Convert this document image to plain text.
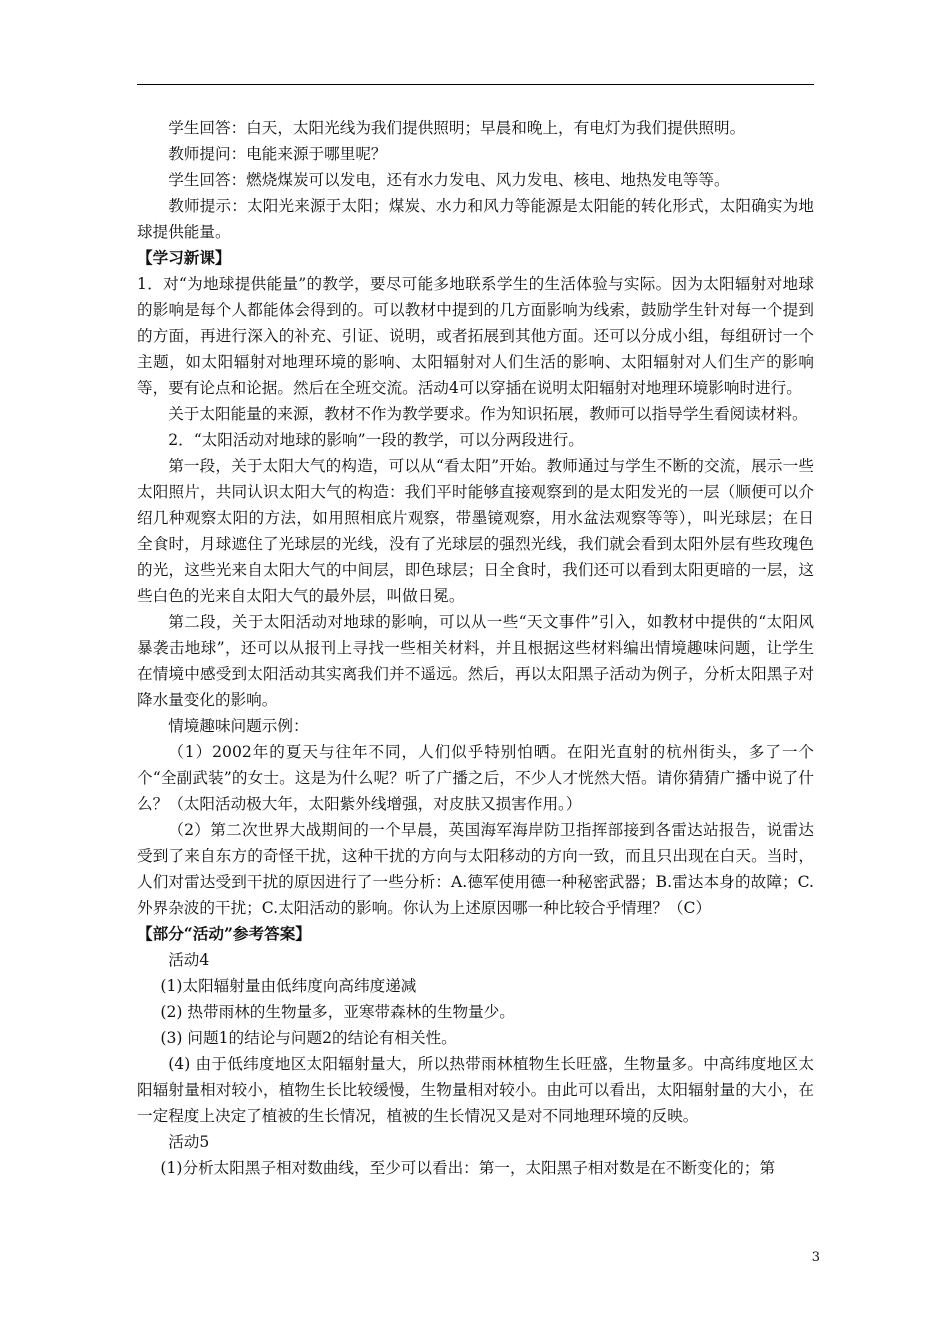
学生回答：白天，太阳光线为我们提供照明；早晨和晚上，有电灯为我们提供照明。

教师提问：电能来源于哪里呢？

学生回答：燃烧煤炭可以发电，还有水力发电、风力发电、核电、地热发电等等。

教师提示：太阳光来源于太阳；煤炭、水力和风力等能源是太阳能的转化形式，太阳确实为地球提供能量。

【学习新课】

1．对“为地球提供能量”的教学，要尽可能多地联系学生的生活体验与实际。因为太阳辐射对地球的影响是每个人都能体会得到的。可以教材中提到的几方面影响为线索，鼓励学生针对每一个提到的方面，再进行深入的补充、引证、说明，或者拓展到其他方面。还可以分成小组，每组研讨一个主题，如太阳辐射对地理环境的影响、太阳辐射对人们生活的影响、太阳辐射对人们生产的影响等，要有论点和论据。然后在全班交流。活动4可以穿插在说明太阳辐射对地理环境影响时进行。

关于太阳能量的来源，教材不作为教学要求。作为知识拓展，教师可以指导学生看阅读材料。

2．“太阳活动对地球的影响”一段的教学，可以分两段进行。

第一段，关于太阳大气的构造，可以从“看太阳”开始。教师通过与学生不断的交流，展示一些太阳照片，共同认识太阳大气的构造：我们平时能够直接观察到的是太阳发光的一层（顺便可以介绍几种观察太阳的方法，如用照相底片观察，带墨镜观察，用水盆法观察等等），叫光球层；在日全食时，月球遮住了光球层的光线，没有了光球层的强烈光线，我们就会看到太阳外层有些玫瑰色的光，这些光来自太阳大气的中间层，即色球层；日全食时，我们还可以看到太阳更暗的一层，这些白色的光来自太阳大气的最外层，叫做日冕。

第二段，关于太阳活动对地球的影响，可以从一些“天文事件”引入，如教材中提供的“太阳风暴袭击地球”，还可以从报刊上寻找一些相关材料，并且根据这些材料编出情境趣味问题，让学生在情境中感受到太阳活动其实离我们并不遥远。然后，再以太阳黑子活动为例子，分析太阳黑子对降水量变化的影响。

情境趣味问题示例：

（1）2002年的夏天与往年不同，人们似乎特别怕晒。在阳光直射的杭州街头，多了一个个“全副武装”的女士。这是为什么呢？听了广播之后，不少人才恍然大悟。请你猜猜广播中说了什么？（太阳活动极大年，太阳紫外线增强，对皮肤又损害作用。）

（2）第二次世界大战期间的一个早晨，英国海军海岸防卫指挥部接到各雷达站报告，说雷达受到了来自东方的奇怪干扰，这种干扰的方向与太阳移动的方向一致，而且只出现在白天。当时，人们对雷达受到干扰的原因进行了一些分析：A.德军使用德一种秘密武器；B.雷达本身的故障；C.外界杂波的干扰；C.太阳活动的影响。你认为上述原因哪一种比较合乎情理？（C）

【部分“活动”参考答案】

活动4

(1)太阳辐射量由低纬度向高纬度递减

(2) 热带雨林的生物量多，亚寒带森林的生物量少。

(3) 问题1的结论与问题2的结论有相关性。

(4) 由于低纬度地区太阳辐射量大，所以热带雨林植物生长旺盛，生物量多。中高纬度地区太阳辐射量相对较小，植物生长比较缓慢，生物量相对较小。由此可以看出，太阳辐射量的大小，在一定程度上决定了植被的生长情况，植被的生长情况又是对不同地理环境的反映。

活动5

(1)分析太阳黑子相对数曲线，至少可以看出：第一，太阳黑子相对数是在不断变化的；第

3
